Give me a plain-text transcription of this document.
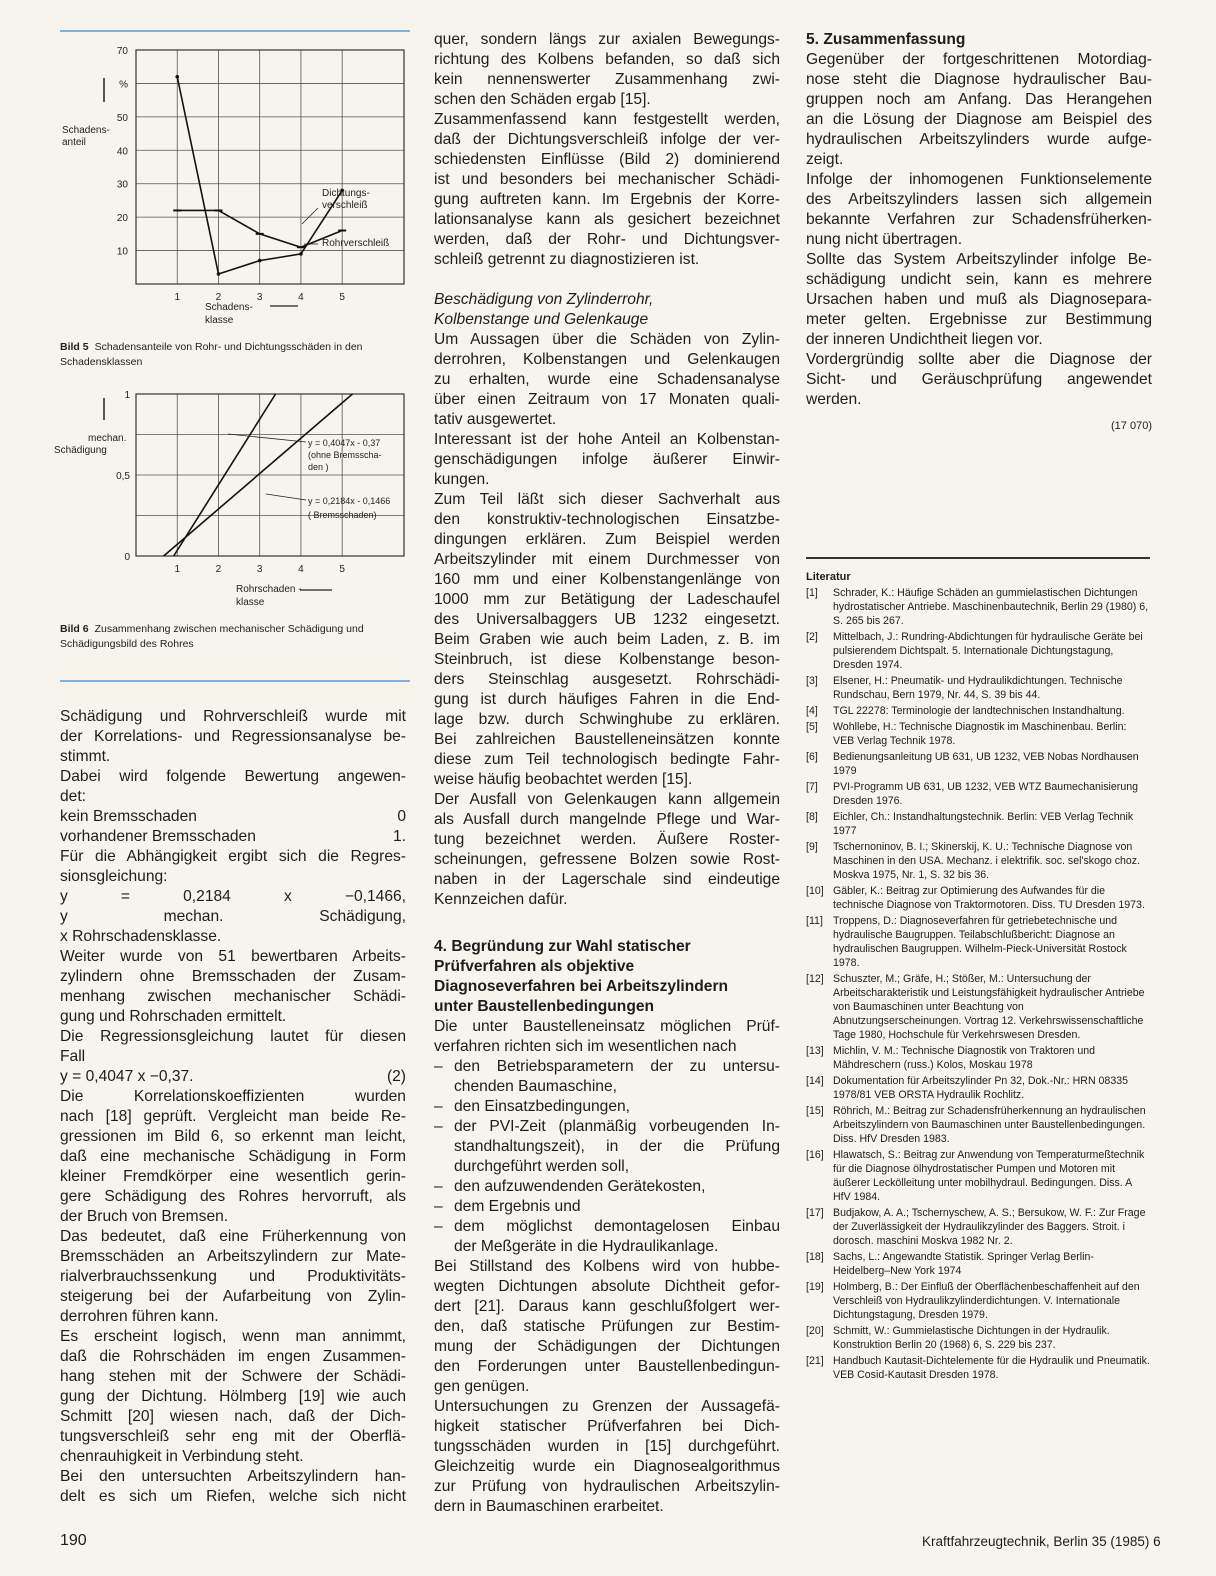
70
50
40
30
20
10
%
1	2	3	4	5
Schadens-
anteil
Schadens-
klasse
Dichtungs-
verschleiß
Rohrverschleiß
Bild 5 Schadensanteile von Rohr- und Dichtungsschäden in den Schadensklassen
1
0,5
0
1	2	3	4	5
mechan.
Schädigung
Rohrschaden -
klasse
y = 0,4047x - 0,37
(ohne Bremsscha-
den )
y = 0,2184x - 0,1466
( Bremsschaden)
Bild 6 Zusammenhang zwischen mechanischer Schädigung und Schädigungsbild des Rohres
Schädigung und Rohrverschleiß wurde mit
der Korrelations- und Regressionsanalyse be-
stimmt.
Dabei wird folgende Bewertung angewen-
det:
kein Bremsschaden	0
vorhandener Bremsschaden	1.
Für die Abhängigkeit ergibt sich die Regres-
sionsgleichung:
y = 0,2184 x −0,1466,
y mechan. Schädigung,
x Rohrschadensklasse.
Weiter wurde von 51 bewertbaren Arbeits-
zylindern ohne Bremsschaden der Zusam-
menhang zwischen mechanischer Schädi-
gung und Rohrschaden ermittelt.
Die Regressionsgleichung lautet für diesen
Fall
y = 0,4047 x −0,37.	(2)
Die Korrelationskoeffizienten wurden
nach [18] geprüft. Vergleicht man beide Re-
gressionen im Bild 6, so erkennt man leicht,
daß eine mechanische Schädigung in Form
kleiner Fremdkörper eine wesentlich gerin-
gere Schädigung des Rohres hervorruft, als
der Bruch von Bremsen.
Das bedeutet, daß eine Früherkennung von
Bremsschäden an Arbeitszylindern zur Mate-
rialverbrauchssenkung und Produktivitäts-
steigerung bei der Aufarbeitung von Zylin-
derrohren führen kann.
Es erscheint logisch, wenn man annimmt,
daß die Rohrschäden im engen Zusammen-
hang stehen mit der Schwere der Schädi-
gung der Dichtung. Hölmberg [19] wie auch
Schmitt [20] wiesen nach, daß der Dich-
tungsverschleiß sehr eng mit der Oberflä-
chenrauhigkeit in Verbindung steht.
Bei den untersuchten Arbeitszylindern han-
delt es sich um Riefen, welche sich nicht
quer, sondern längs zur axialen Bewegungs-
richtung des Kolbens befanden, so daß sich
kein nennenswerter Zusammenhang zwi-
schen den Schäden ergab [15].
Zusammenfassend kann festgestellt werden,
daß der Dichtungsverschleiß infolge der ver-
schiedensten Einflüsse (Bild 2) dominierend
ist und besonders bei mechanischer Schädi-
gung auftreten kann. Im Ergebnis der Korre-
lationsanalyse kann als gesichert bezeichnet
werden, daß der Rohr- und Dichtungsver-
schleiß getrennt zu diagnostizieren ist.
Beschädigung von Zylinderrohr,
Kolbenstange und Gelenkauge
Um Aussagen über die Schäden von Zylin-
derrohren, Kolbenstangen und Gelenkaugen
zu erhalten, wurde eine Schadensanalyse
über einen Zeitraum von 17 Monaten quali-
tativ ausgewertet.
Interessant ist der hohe Anteil an Kolbenstan-
genschädigungen infolge äußerer Einwir-
kungen.
Zum Teil läßt sich dieser Sachverhalt aus
den konstruktiv-technologischen Einsatzbe-
dingungen erklären. Zum Beispiel werden
Arbeitszylinder mit einem Durchmesser von
160 mm und einer Kolbenstangenlänge von
1000 mm zur Betätigung der Ladeschaufel
des Universalbaggers UB 1232 eingesetzt.
Beim Graben wie auch beim Laden, z. B. im
Steinbruch, ist diese Kolbenstange beson-
ders Steinschlag ausgesetzt. Rohrschädi-
gung ist durch häufiges Fahren in die End-
lage bzw. durch Schwinghube zu erklären.
Bei zahlreichen Baustelleneinsätzen konnte
diese zum Teil technologisch bedingte Fahr-
weise häufig beobachtet werden [15].
Der Ausfall von Gelenkaugen kann allgemein
als Ausfall durch mangelnde Pflege und War-
tung bezeichnet werden. Äußere Roster-
scheinungen, gefressene Bolzen sowie Rost-
naben in der Lagerschale sind eindeutige
Kennzeichen dafür.
4. Begründung zur Wahl statischer
Prüfverfahren als objektive
Diagnoseverfahren bei Arbeitszylindern
unter Baustellenbedingungen
Die unter Baustelleneinsatz möglichen Prüf-
verfahren richten sich im wesentlichen nach
– den Betriebsparametern der zu untersu-
chenden Baumaschine,
– den Einsatzbedingungen,
– der PVI-Zeit (planmäßig vorbeugenden In-
standhaltungszeit), in der die Prüfung
durchgeführt werden soll,
– den aufzuwendenden Gerätekosten,
– dem Ergebnis und
– dem möglichst demontagelosen Einbau
der Meßgeräte in die Hydraulikanlage.
Bei Stillstand des Kolbens wird von hubbe-
wegten Dichtungen absolute Dichtheit gefor-
dert [21]. Daraus kann geschlußfolgert wer-
den, daß statische Prüfungen zur Bestim-
mung der Schädigungen der Dichtungen
den Forderungen unter Baustellenbedingun-
gen genügen.
Untersuchungen zu Grenzen der Aussagefä-
higkeit statischer Prüfverfahren bei Dich-
tungsschäden wurden in [15] durchgeführt.
Gleichzeitig wurde ein Diagnosealgorithmus
zur Prüfung von hydraulischen Arbeitszylin-
dern in Baumaschinen erarbeitet.
5. Zusammenfassung
Gegenüber der fortgeschrittenen Motordiag-
nose steht die Diagnose hydraulischer Bau-
gruppen noch am Anfang. Das Herangehen
an die Lösung der Diagnose am Beispiel des
hydraulischen Arbeitszylinders wurde aufge-
zeigt.
Infolge der inhomogenen Funktionselemente
des Arbeitszylinders lassen sich allgemein
bekannte Verfahren zur Schadensfrüherken-
nung nicht übertragen.
Sollte das System Arbeitszylinder infolge Be-
schädigung undicht sein, kann es mehrere
Ursachen haben und muß als Diagnosepara-
meter gelten. Ergebnisse zur Bestimmung
der inneren Undichtheit liegen vor.
Vordergründig sollte aber die Diagnose der
Sicht- und Geräuschprüfung angewendet
werden.
(17 070)
Literatur
[1]	Schrader, K.: Häufige Schäden an gummielastischen Dichtungen hydrostatischer Antriebe. Maschinenbautechnik, Berlin 29 (1980) 6, S. 265 bis 267.
[2]	Mittelbach, J.: Rundring-Abdichtungen für hydraulische Geräte bei pulsierendem Dichtspalt. 5. Internationale Dichtungstagung, Dresden 1974.
[3]	Elsener, H.: Pneumatik- und Hydraulikdichtungen. Technische Rundschau, Bern 1979, Nr. 44, S. 39 bis 44.
[4]	TGL 22278: Terminologie der landtechnischen Instandhaltung.
[5]	Wohllebe, H.: Technische Diagnostik im Maschinenbau. Berlin: VEB Verlag Technik 1978.
[6]	Bedienungsanleitung UB 631, UB 1232, VEB Nobas Nordhausen 1979
[7]	PVI-Programm UB 631, UB 1232, VEB WTZ Baumechanisierung Dresden 1976.
[8]	Eichler, Ch.: Instandhaltungstechnik. Berlin: VEB Verlag Technik 1977
[9]	Tschernoninov, B. I.; Skinerskij, K. U.: Technische Diagnose von Maschinen in den USA. Mechanz. i elektrifik. soc. sel'skogo choz. Moskva 1975, Nr. 1, S. 32 bis 36.
[10] Gäbler, K.: Beitrag zur Optimierung des Aufwandes für die technische Diagnose von Traktormotoren. Diss. TU Dresden 1973.
[11] Troppens, D.: Diagnoseverfahren für getriebetechnische und hydraulische Baugruppen. Teilabschlußbericht: Diagnose an hydraulischen Baugruppen. Wilhelm-Pieck-Universität Rostock 1978.
[12] Schuszter, M.; Gräfe, H.; Stößer, M.: Untersuchung der Arbeitscharakteristik und Leistungsfähigkeit hydraulischer Antriebe von Baumaschinen unter Beachtung von Abnutzungserscheinungen. Vortrag 12. Verkehrswissenschaftliche Tage 1980, Hochschule für Verkehrswesen Dresden.
[13] Michlin, V. M.: Technische Diagnostik von Traktoren und Mähdreschern (russ.) Kolos, Moskau 1978
[14] Dokumentation für Arbeitszylinder Pn 32, Dok.-Nr.: HRN 08335 1978/81 VEB ORSTA Hydraulik Rochlitz.
[15] Röhrich, M.: Beitrag zur Schadensfrüherkennung an hydraulischen Arbeitszylindern von Baumaschinen unter Baustellenbedingungen. Diss. HfV Dresden 1983.
[16] Hlawatsch, S.: Beitrag zur Anwendung von Temperaturmeßtechnik für die Diagnose ölhydrostatischer Pumpen und Motoren mit äußerer Leckölleitung unter mobilhydraul. Bedingungen. Diss. A HfV 1984.
[17] Budjakow, A. A.; Tschernyschew, A. S.; Bersukow, W. F.: Zur Frage der Zuverlässigkeit der Hydraulikzylinder des Baggers. Stroit. i dorosch. maschini Moskva 1982 Nr. 2.
[18] Sachs, L.: Angewandte Statistik. Springer Verlag Berlin-Heidelberg–New York 1974
[19] Holmberg, B.: Der Einfluß der Oberflächenbeschaffenheit auf den Verschleiß von Hydraulikzylinderdichtungen. V. Internationale Dichtungstagung, Dresden 1979.
[20] Schmitt, W.: Gummielastische Dichtungen in der Hydraulik. Konstruktion Berlin 20 (1968) 6, S. 229 bis 237.
[21] Handbuch Kautasit-Dichtelemente für die Hydraulik und Pneumatik. VEB Cosid-Kautasit Dresden 1978.
190	Kraftfahrzeugtechnik, Berlin 35 (1985) 6
